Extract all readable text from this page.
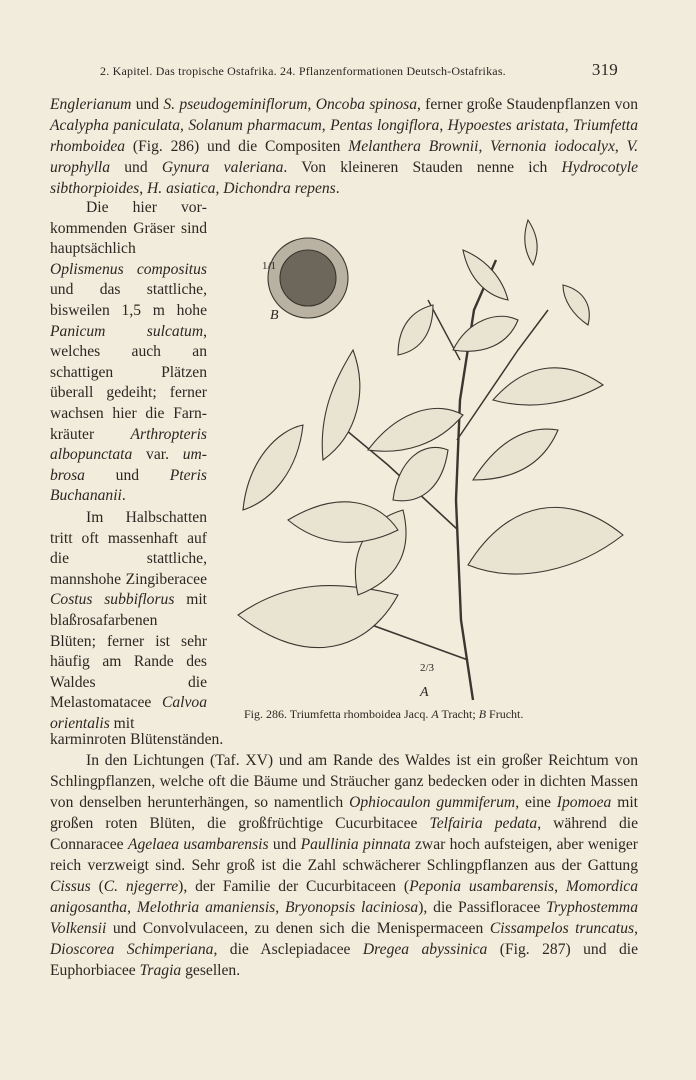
2. Kapitel. Das tropische Ostafrika. 24. Pflanzenformationen Deutsch-Ostafrikas.	319
Englerianum und S. pseudogeminiflorum, Oncoba spinosa, ferner große Staudenpflanzen von Acalypha paniculata, Solanum pharmacum, Pentas longiflora, Hypoestes aristata, Triumfetta rhomboidea (Fig. 286) und die Compositen Melanthera Brownii, Vernonia iodocalyx, V. urophylla und Gynura valeriana. Von kleineren Stauden nenne ich Hydrocotyle sibthorpioides, H. asiatica, Dichondra repens.
Die hier vorkommenden Gräser sind hauptsächlich Oplismenus compositus und das stattliche, bisweilen 1,5 m hohe Panicum sulcatum, welches auch an schattigen Plätzen überall gedeiht; ferner wachsen hier die Farnkräuter Arthropteris albopunctata var. umbrosa und Pteris Buchananii.
Im Halbschatten tritt oft massenhaft auf die stattliche, mannshohe Zingiberacee Costus subbiflorus mit blaßrosafarbenen Blüten; ferner ist sehr häufig am Rande des Waldes die Melastomatacee Calvoa orientalis mit
karminroten Blütenständen.
In den Lichtungen (Taf. XV) und am Rande des Waldes ist ein großer Reichtum von Schlingpflanzen, welche oft die Bäume und Sträucher ganz bedecken oder in dichten Massen von denselben herunterhängen, so namentlich Ophiocaulon gummiferum, eine Ipomoea mit großen roten Blüten, die großfrüchtige Cucurbitacee Telfairia pedata, während die Connaracee Agelaea usambarensis und Paullinia pinnata zwar hoch aufsteigen, aber weniger reich verzweigt sind. Sehr groß ist die Zahl schwächerer Schlingpflanzen aus der Gattung Cissus (C. njegerre), der Familie der Cucurbitaceen (Peponia usambarensis, Momordica anigosantha, Melothria amaniensis, Bryonopsis laciniosa), die Passifloracee Tryphostemma Volkensii und Convolvulaceen, zu denen sich die Menispermaceen Cissampelos truncatus, Dioscorea Schimperiana, die Asclepiadacee Dregea abyssinica (Fig. 287) und die Euphorbiacee Tragia gesellen.
B
1/1
A
2/3
Fig. 286. Triumfetta rhomboidea Jacq. A Tracht; B Frucht.
